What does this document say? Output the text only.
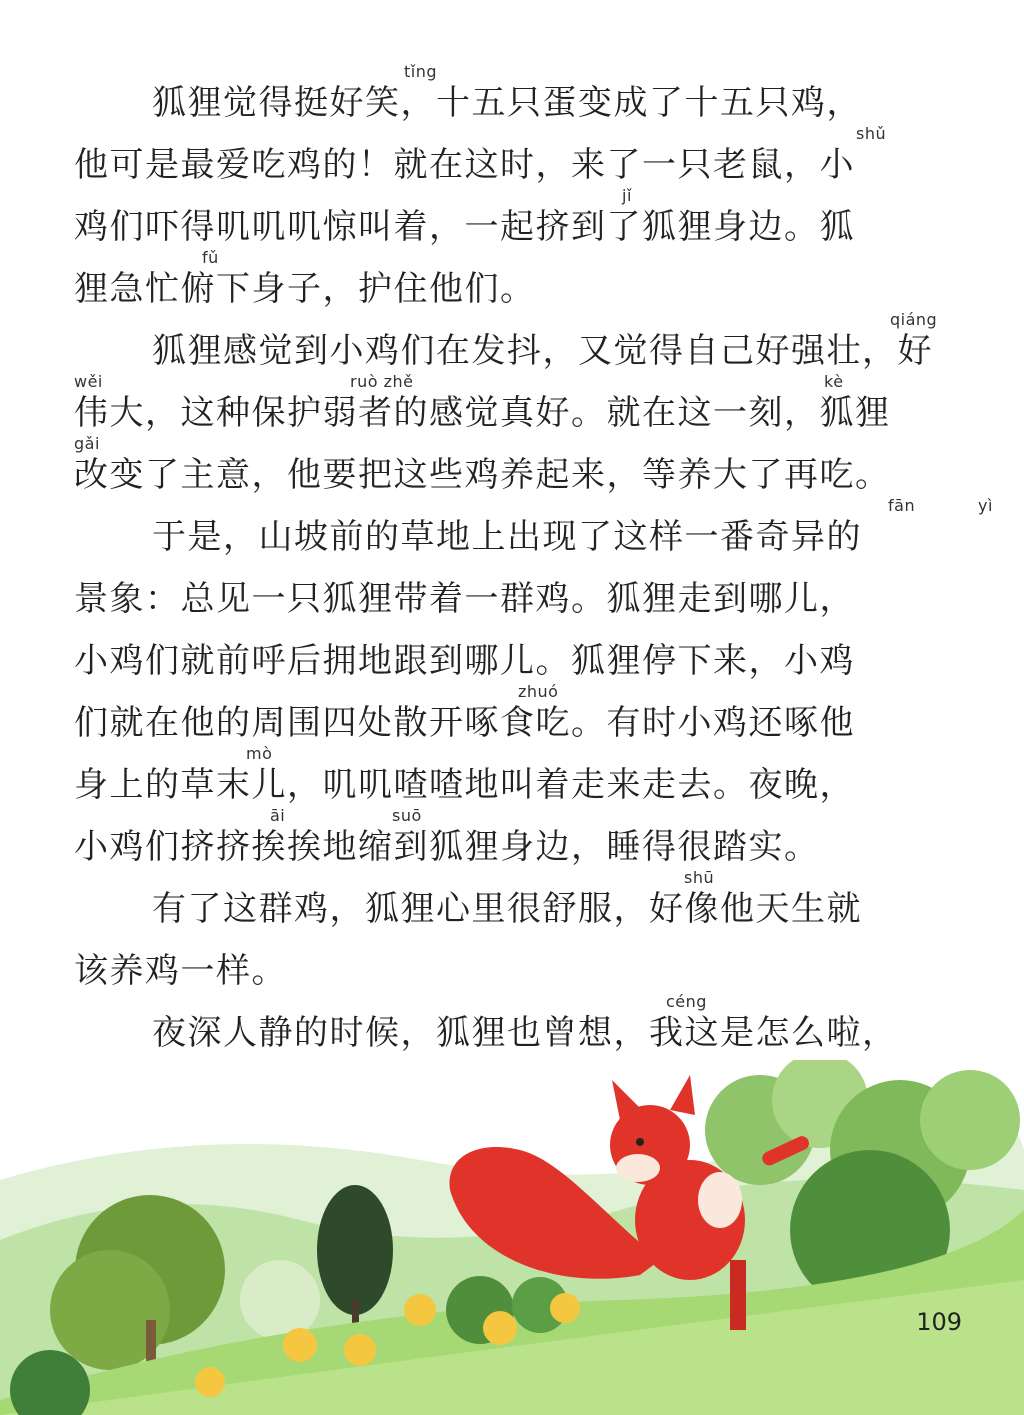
狐狸觉得挺好笑，十五只蛋变成了十五只鸡，
tǐng
他可是最爱吃鸡的！就在这时，来了一只老鼠，小
shǔ
鸡们吓得叽叽叽惊叫着，一起挤到了狐狸身边。狐
jǐ
狸急忙俯下身子，护住他们。
fǔ
狐狸感觉到小鸡们在发抖，又觉得自己好强壮，好
qiáng
伟大，这种保护弱者的感觉真好。就在这一刻，狐狸
wěi	ruò zhě	kè
改变了主意，他要把这些鸡养起来，等养大了再吃。
gǎi
于是，山坡前的草地上出现了这样一番奇异的
fān	yì
景象：总见一只狐狸带着一群鸡。狐狸走到哪儿，
小鸡们就前呼后拥地跟到哪儿。狐狸停下来，小鸡
们就在他的周围四处散开啄食吃。有时小鸡还啄他
zhuó
身上的草末儿，叽叽喳喳地叫着走来走去。夜晚，
mò
小鸡们挤挤挨挨地缩到狐狸身边，睡得很踏实。
āi	suō
有了这群鸡，狐狸心里很舒服，好像他天生就
shū
该养鸡一样。
夜深人静的时候，狐狸也曾想，我这是怎么啦，
céng
109
